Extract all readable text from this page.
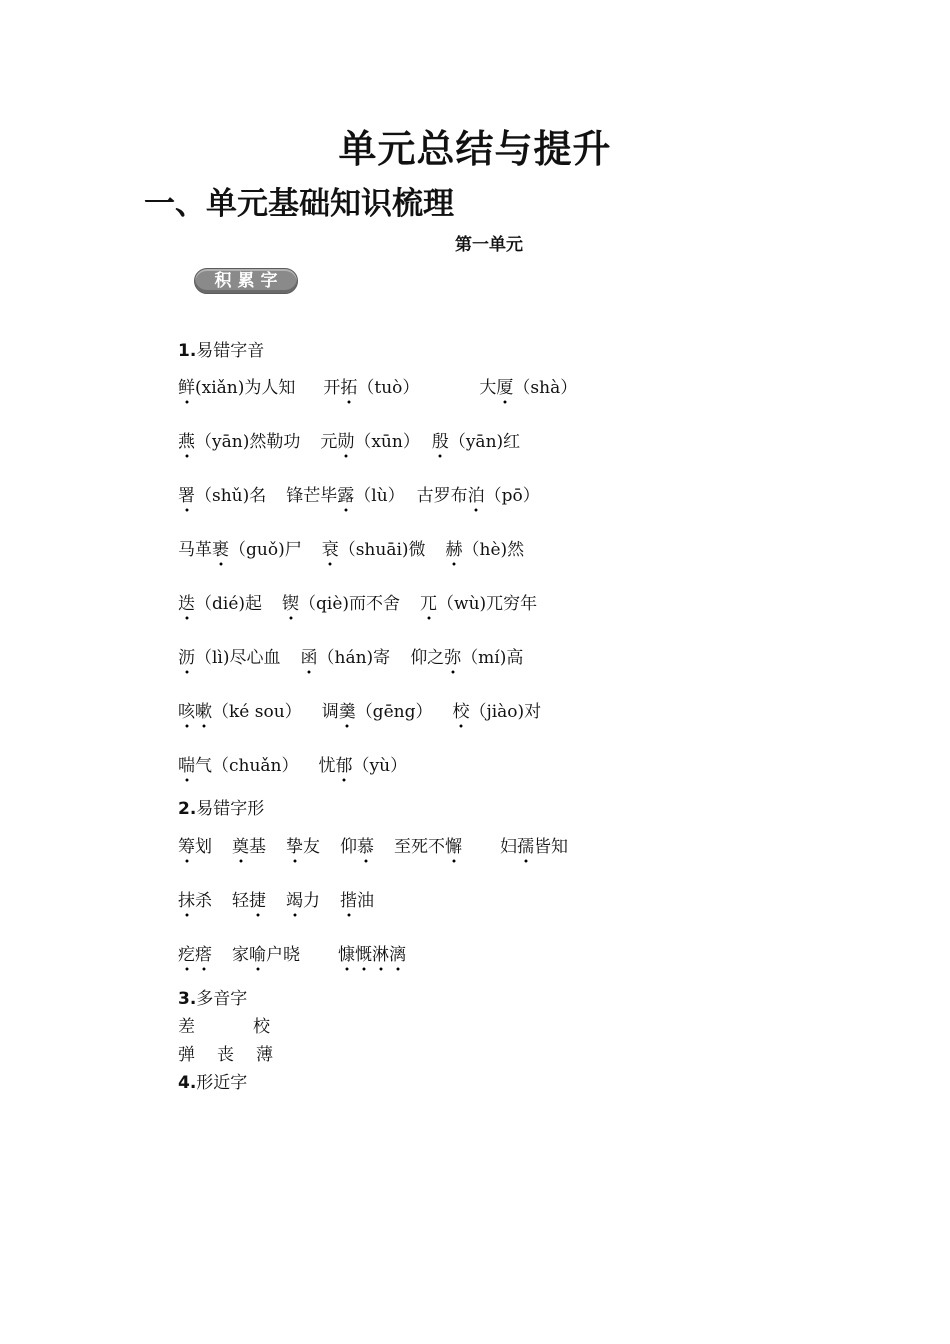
单元总结与提升
一、单元基础知识梳理
第一单元
积累字
1.易错字音
鲜(xiǎn)为人知 开拓（tuò）	大厦（shà）
燕（yān)然勒功 元勋（xūn） 殷（yān)红
署（shǔ)名 锋芒毕露（lù） 古罗布泊（pō）
马革裹（guǒ)尸 衰（shuāi)微 赫（hè)然
迭（dié)起 锲（qiè)而不舍 兀（wù)兀穷年
沥（lì)尽心血 函（hán)寄 仰之弥（mí)高
咳嗽（ké sou） 调羹（gēng） 校（jiào)对
喘气（chuǎn） 忧郁（yù）
2.易错字形
筹划 奠基 挚友 仰慕 至死不懈 妇孺皆知
抹杀 轻捷 竭力 揩油
疙瘩 家喻户晓 慷慨淋漓
3.多音字
差	校
弹 丧 薄
4.形近字
